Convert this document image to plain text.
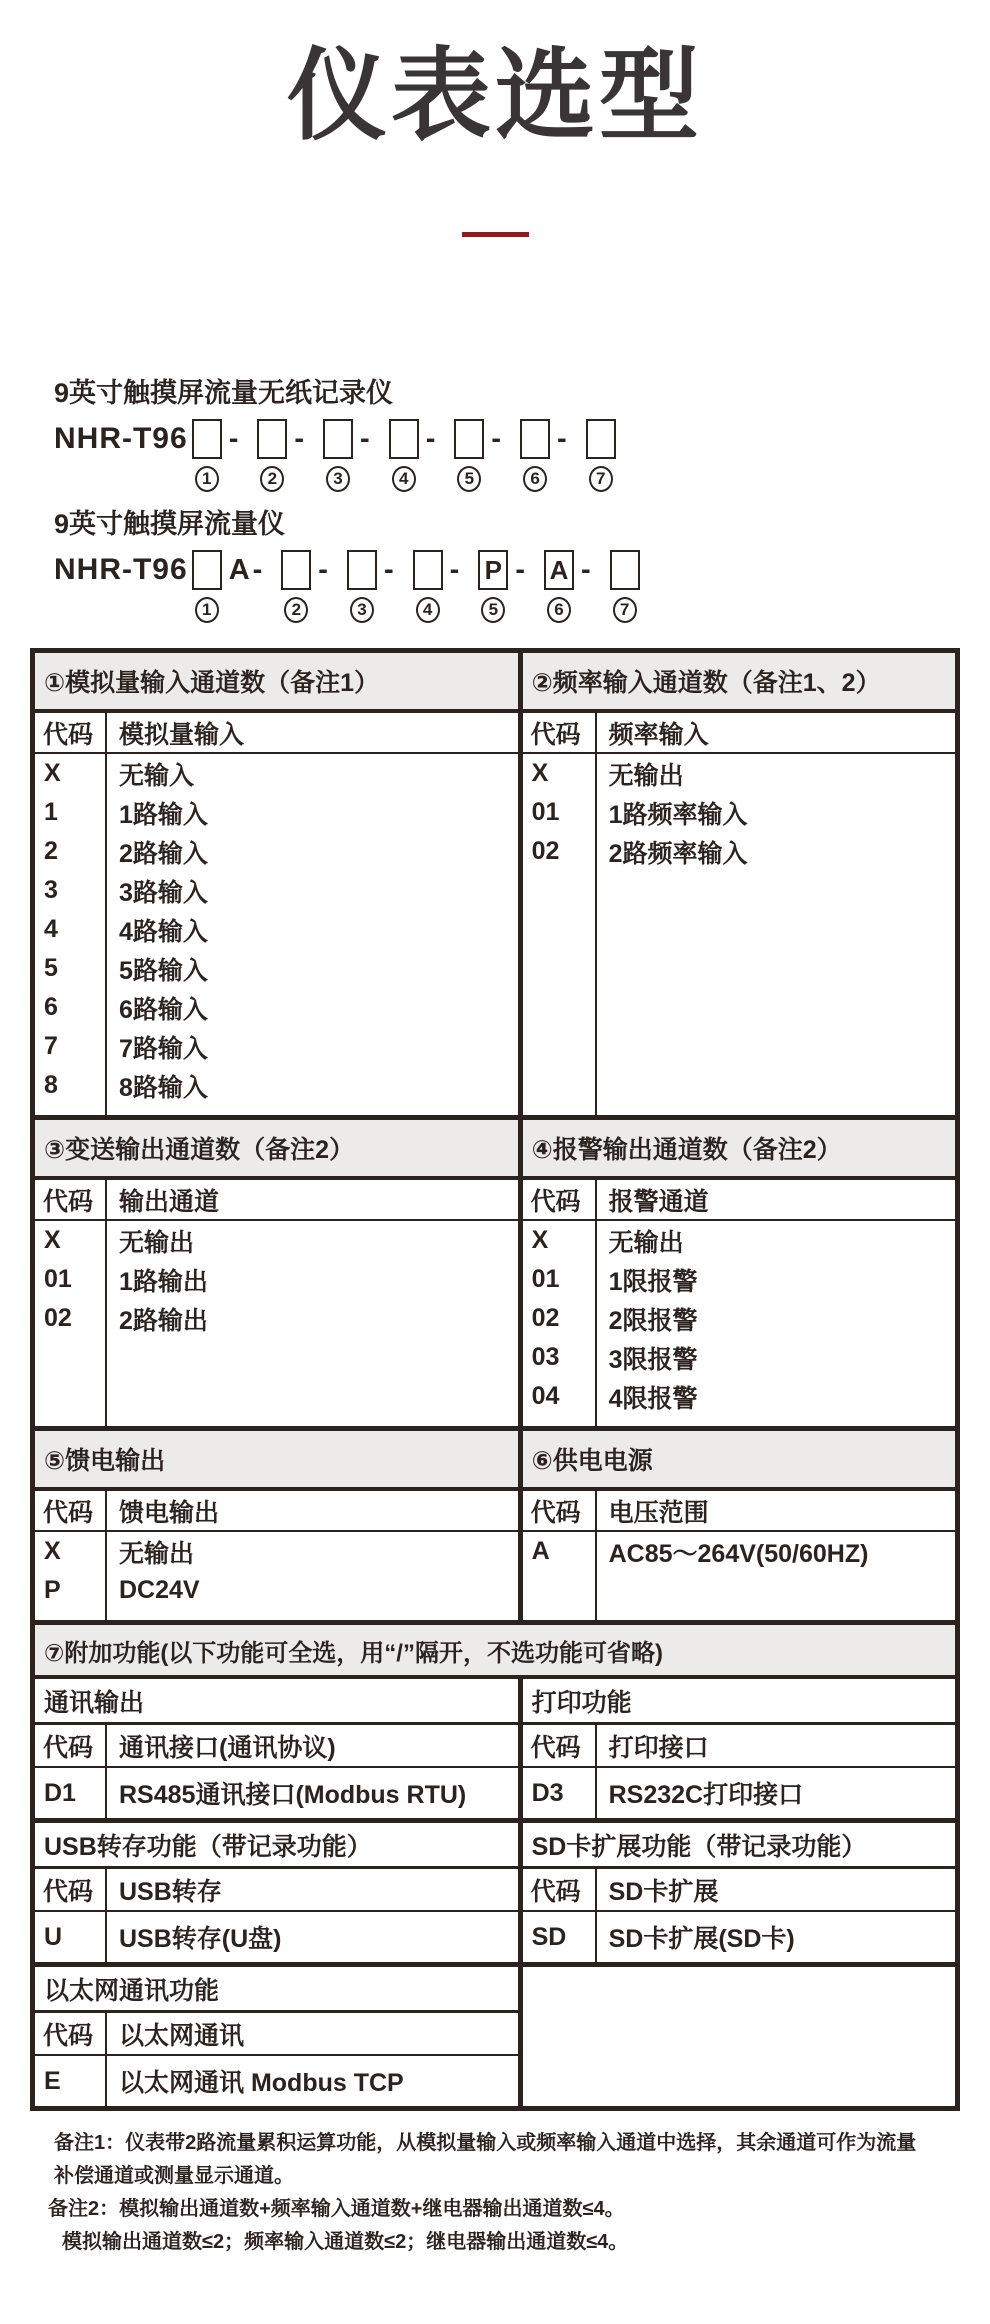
仪表选型
9英寸触摸屏流量无纸记录仪
NHR-T96 -
1
-
2
-
3
-
4
-
5
-
6	7
9英寸触摸屏流量仪
NHR-T96 A-
1
-
2
-
3
-
4
P -
5
A -
6	7
①模拟量输入通道数（备注1）	②频率输入通道数（备注1、2）
代码	模拟量输入
X	无输入
1	1路输入
2	2路输入
3	3路输入
4	4路输入
5	5路输入
6	6路输入
7	7路输入
8	8路输入
代码	频率输入
X	无输出
01	1路频率输入
02	2路频率输入
③变送输出通道数（备注2）	④报警输出通道数（备注2）
代码	输出通道
X	无输出
01	1路输出
02	2路输出
代码	报警通道
X	无输出
01	1限报警
02	2限报警
03	3限报警
04	4限报警
⑤馈电输出	⑥供电电源
代码	馈电输出
X	无输出
P	DC24V
代码	电压范围
A	AC85～264V(50/60HZ)
⑦附加功能(以下功能可全选，用“/”隔开，不选功能可省略)
通讯输出
代码	通讯接口(通讯协议)
D1	RS485通讯接口(Modbus RTU)
打印功能
代码	打印接口
D3	RS232C打印接口
USB转存功能（带记录功能）
代码	USB转存
U	USB转存(U盘)
SD卡扩展功能（带记录功能）
代码	SD卡扩展
SD	SD卡扩展(SD卡)
以太网通讯功能
代码	以太网通讯
E	以太网通讯 Modbus TCP
备注1：仪表带2路流量累积运算功能，从模拟量输入或频率输入通道中选择，其余通道可作为流量
补偿通道或测量显示通道。
备注2：模拟输出通道数+频率输入通道数+继电器输出通道数≤4。
模拟输出通道数≤2；频率输入通道数≤2；继电器输出通道数≤4。
